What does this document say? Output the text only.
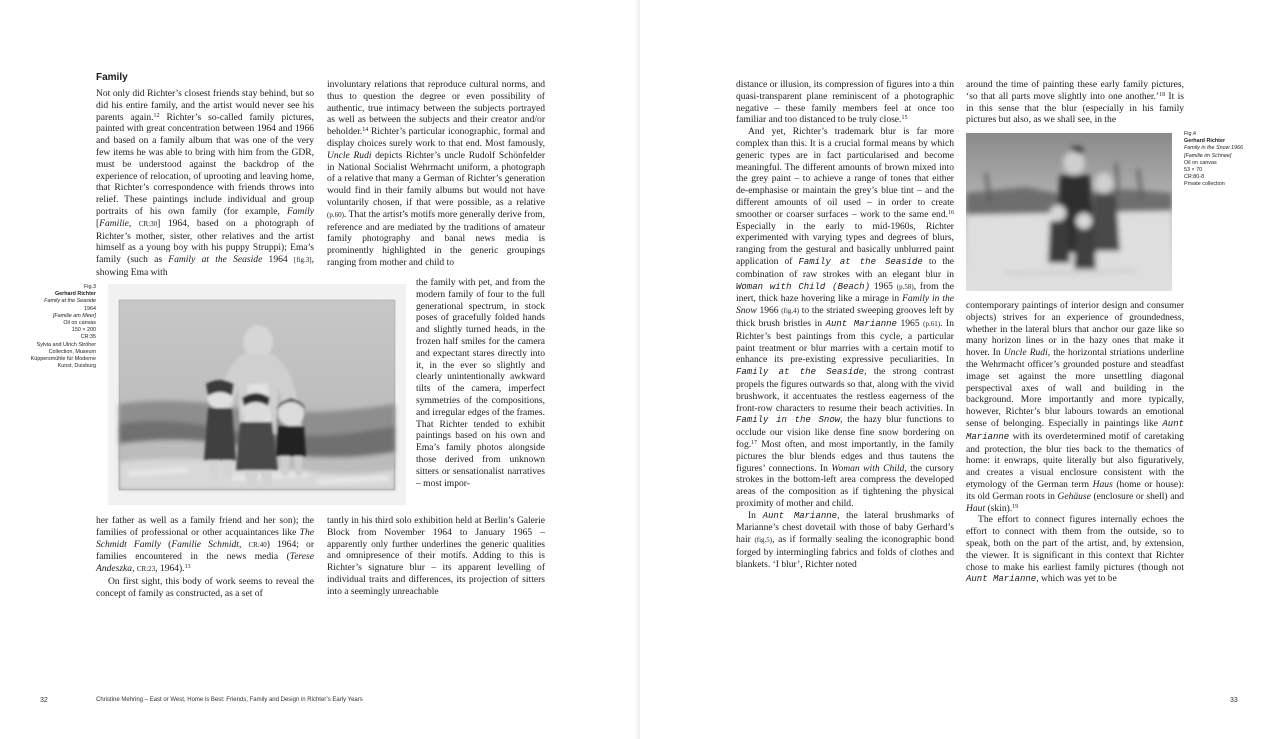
Family

Not only did Richter’s closest friends stay behind, but so did his entire family, and the artist would never see his parents again.$^{12}$ Richter’s so-called family pictures, painted with great concentration between 1964 and 1966 and based on a family album that was one of the very few items he was able to bring with him from the GDR, must be understood against the backdrop of the experience of relocation, of uprooting and leaving home, that Richter’s correspondence with friends throws into relief. These paintings include individual and group portraits of his own family (for example, Family [Familie, CR:30] 1964, based on a photograph of Richter’s mother, sister, other relatives and the artist himself as a young boy with his puppy Struppi); Ema’s family (such as Family at the Seaside 1964 [fig.3], showing Ema with

her father as well as a family friend and her son); the families of professional or other acquaintances like The Schmidt Family (Familie Schmidt, CR:40) 1964; or families encountered in the news media (Terese Andeszka, CR:23, 1964).$^{13}$

On first sight, this body of work seems to reveal the concept of family as constructed, as a set of

involuntary relations that reproduce cultural norms, and thus to question the degree or even possibility of authentic, true intimacy between the subjects portrayed as well as between the subjects and their creator and/or beholder.$^{14}$ Richter’s particular iconographic, formal and display choices surely work to that end. Most famously, Uncle Rudi depicts Richter’s uncle Rudolf Schönfelder in National Socialist Wehrmacht uniform, a photograph of a relative that many a German of Richter’s generation would find in their family albums but would not have voluntarily chosen, if that were possible, as a relative (p.60). That the artist’s motifs more generally derive from, reference and are mediated by the traditions of amateur family photography and banal news media is prominently highlighted in the generic groupings ranging from mother and child to

the family with pet, and from the modern family of four to the full generational spectrum, in stock poses of gracefully folded hands and slightly turned heads, in the frozen half smiles for the camera and expectant stares directly into it, in the ever so slightly and clearly unintentionally awkward tilts of the camera, imperfect symmetries of the compositions, and irregular edges of the frames. That Richter tended to exhibit paintings based on his own and Ema’s family photos alongside those derived from unknown sitters or sensationalist narratives – most impor-

tantly in his third solo exhibition held at Berlin’s Galerie Block from November 1964 to January 1965 – apparently only further underlines the generic qualities and omnipresence of their motifs. Adding to this is Richter’s signature blur – its apparent levelling of individual traits and differences, its projection of sitters into a seemingly unreachable

Fig.3
Gerhard Richter
Family at the Seaside
1964
[Familie am Meer]
Oil on canvas
150 × 200
CR:35
Sylvia and Ulrich Ströher
Collection, Museum
Küppersmühle für Moderne
Kunst, Duisburg
32	Christine Mehring – East or West, Home is Best: Friends, Family and Design in Richter’s Early Years

distance or illusion, its compression of figures into a thin quasi-transparent plane reminiscent of a photographic negative – these family members feel at once too familiar and too distanced to be truly close.$^{15}$

And yet, Richter’s trademark blur is far more complex than this. It is a crucial formal means by which generic types are in fact particularised and become meaningful. The different amounts of brown mixed into the grey paint – to achieve a range of tones that either de-emphasise or maintain the grey’s blue tint – and the different amounts of oil used – in order to create smoother or coarser surfaces – work to the same end.$^{16}$ Especially in the early to mid-1960s, Richter experimented with varying types and degrees of blurs, ranging from the gestural and basically unblurred paint application of Family at the Seaside to the combination of raw strokes with an elegant blur in Woman with Child (Beach) 1965 (p.58), from the inert, thick haze hovering like a mirage in Family in the Snow 1966 (fig.4) to the striated sweeping grooves left by thick brush bristles in Aunt Marianne 1965 (p.61). In Richter’s best paintings from this cycle, a particular paint treatment or blur marries with a certain motif to enhance its pre-existing expressive peculiarities. In Family at the Seaside, the strong contrast propels the figures outwards so that, along with the vivid brushwork, it accentuates the restless eagerness of the front-row characters to resume their beach activities. In Family in the Snow, the hazy blur functions to occlude our vision like dense fine snow bordering on fog.$^{17}$ Most often, and most importantly, in the family pictures the blur blends edges and thus tautens the figures’ connections. In Woman with Child, the cursory strokes in the bottom-left area compress the developed areas of the composition as if tightening the physical proximity of mother and child.

In Aunt Marianne, the lateral brushmarks of Marianne’s chest dovetail with those of baby Gerhard’s hair (fig.5), as if formally sealing the iconographic bond forged by intermingling fabrics and folds of clothes and blankets. ‘I blur’, Richter noted

around the time of painting these early family pictures, ‘so that all parts move slightly into one another.’$^{18}$ It is in this sense that the blur (especially in his family pictures but also, as we shall see, in the

Fig.4
Gerhard Richter
Family in the Snow 1966
[Familie im Schnee]
Oil on canvas
53 × 70
CR:80-8
Private collection

contemporary paintings of interior design and consumer objects) strives for an experience of groundedness, whether in the lateral blurs that anchor our gaze like so many horizon lines or in the hazy ones that make it hover. In Uncle Rudi, the horizontal striations underline the Wehrmacht officer’s grounded posture and steadfast image set against the more unsettling diagonal perspectival axes of wall and building in the background. More importantly and more typically, however, Richter’s blur labours towards an emotional sense of belonging. Especially in paintings like Aunt Marianne with its overdetermined motif of caretaking and protection, the blur ties back to the thematics of home: it enwraps, quite literally but also figuratively, and creates a visual enclosure consistent with the etymology of the German term Haus (home or house): its old German roots in Gehäuse (enclosure or shell) and Haut (skin).$^{19}$

The effort to connect figures internally echoes the effort to connect with them from the outside, so to speak, both on the part of the artist, and, by extension, the viewer. It is significant in this context that Richter chose to make his earliest family pictures (though not Aunt Marianne, which was yet to be

33
